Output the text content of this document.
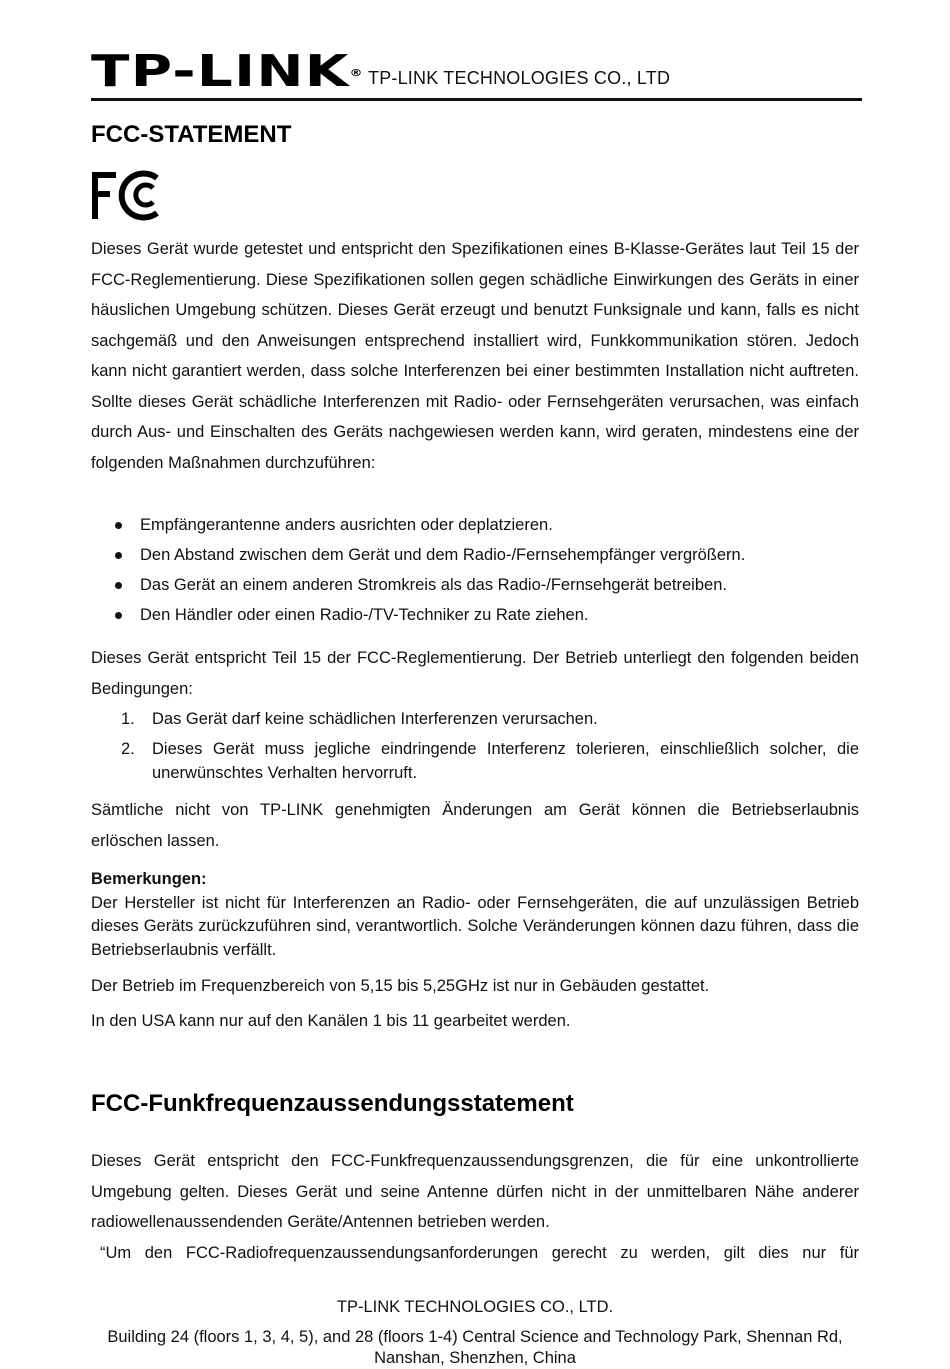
TP-LINK® TP-LINK TECHNOLOGIES CO., LTD
FCC-STATEMENT

Dieses Gerät wurde getestet und entspricht den Spezifikationen eines B-Klasse-Gerätes laut Teil 15 der FCC-Reglementierung. Diese Spezifikationen sollen gegen schädliche Einwirkungen des Geräts in einer häuslichen Umgebung schützen. Dieses Gerät erzeugt und benutzt Funksignale und kann, falls es nicht sachgemäß und den Anweisungen entsprechend installiert wird, Funkkommunikation stören. Jedoch kann nicht garantiert werden, dass solche Interferenzen bei einer bestimmten Installation nicht auftreten. Sollte dieses Gerät schädliche Interferenzen mit Radio- oder Fernsehgeräten verursachen, was einfach durch Aus- und Einschalten des Geräts nachgewiesen werden kann, wird geraten, mindestens eine der folgenden Maßnahmen durchzuführen:

Empfängerantenne anders ausrichten oder deplatzieren.
Den Abstand zwischen dem Gerät und dem Radio-/Fernsehempfänger vergrößern.
Das Gerät an einem anderen Stromkreis als das Radio-/Fernsehgerät betreiben.
Den Händler oder einen Radio-/TV-Techniker zu Rate ziehen.

Dieses Gerät entspricht Teil 15 der FCC-Reglementierung. Der Betrieb unterliegt den folgenden beiden Bedingungen:

1. Das Gerät darf keine schädlichen Interferenzen verursachen.
2. Dieses Gerät muss jegliche eindringende Interferenz tolerieren, einschließlich solcher, die unerwünschtes Verhalten hervorruft.

Sämtliche nicht von TP-LINK genehmigten Änderungen am Gerät können die Betriebserlaubnis erlöschen lassen.

Bemerkungen:

Der Hersteller ist nicht für Interferenzen an Radio- oder Fernsehgeräten, die auf unzulässigen Betrieb dieses Geräts zurückzuführen sind, verantwortlich. Solche Veränderungen können dazu führen, dass die Betriebserlaubnis verfällt.

Der Betrieb im Frequenzbereich von 5,15 bis 5,25GHz ist nur in Gebäuden gestattet.

In den USA kann nur auf den Kanälen 1 bis 11 gearbeitet werden.

FCC-Funkfrequenzaussendungsstatement

Dieses Gerät entspricht den FCC-Funkfrequenzaussendungsgrenzen, die für eine unkontrollierte Umgebung gelten. Dieses Gerät und seine Antenne dürfen nicht in der unmittelbaren Nähe anderer radiowellenaussendenden Geräte/Antennen betrieben werden.

“Um den FCC-Radiofrequenzaussendungsanforderungen gerecht zu werden, gilt dies nur für

TP-LINK TECHNOLOGIES CO., LTD.
Building 24 (floors 1, 3, 4, 5), and 28 (floors 1-4) Central Science and Technology Park, Shennan Rd,
Nanshan, Shenzhen, China
